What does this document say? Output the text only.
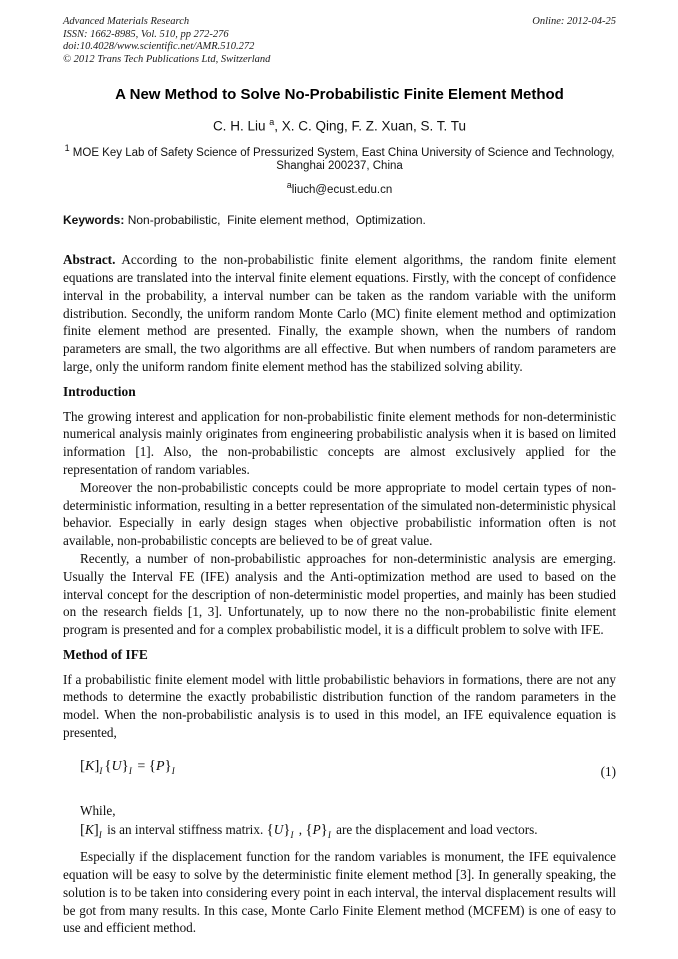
Advanced Materials Research
ISSN: 1662-8985, Vol. 510, pp 272-276
doi:10.4028/www.scientific.net/AMR.510.272
© 2012 Trans Tech Publications Ltd, Switzerland
Online: 2012-04-25
A New Method to Solve No-Probabilistic Finite Element Method
C. H. Liu $^a$, X. C. Qing, F. Z. Xuan, S. T. Tu
$^1$ MOE Key Lab of Safety Science of Pressurized System, East China University of Science and Technology, Shanghai 200237, China
$^a$liuch@ecust.edu.cn
Keywords: Non-probabilistic,  Finite element method,  Optimization.

Abstract. According to the non-probabilistic finite element algorithms, the random finite element equations are translated into the interval finite element equations. Firstly, with the concept of confidence interval in the probability, a interval number can be taken as the random variable with the uniform distribution. Secondly, the uniform random Monte Carlo (MC) finite element method and optimization finite element method are presented. Finally, the example shown, when the numbers of random parameters are small, the two algorithms are all effective. But when numbers of random parameters are large, only the uniform random finite element method has the stabilized solving ability.

Introduction

The growing interest and application for non-probabilistic finite element methods for non-deterministic numerical analysis mainly originates from engineering probabilistic analysis when it is based on limited information [1]. Also, the non-probabilistic concepts are almost exclusively applied for the representation of random variables.

Moreover the non-probabilistic concepts could be more appropriate to model certain types of non-deterministic information, resulting in a better representation of the simulated non-deterministic physical behavior. Especially in early design stages when objective probabilistic information often is not available, non-probabilistic concepts are believed to be of great value.

Recently, a number of non-probabilistic approaches for non-deterministic analysis are emerging. Usually the Interval FE (IFE) analysis and the Anti-optimization method are used to based on the interval concept for the description of non-deterministic model properties, and mainly has been studied on the research fields [1, 3]. Unfortunately, up to now there no the non-probabilistic finite element program is presented and for a complex probabilistic model, it is a difficult problem to solve with IFE.

Method of IFE

If a probabilistic finite element model with little probabilistic behaviors in formations, there are not any methods to determine the exactly probabilistic distribution function of the random parameters in the model. When the non-probabilistic analysis is to used in this model, an IFE equivalence equation is presented,

$[K]_I$ $\{U\}_I = \{P\}_I$	(1)

While,

$[K]_I$ is an interval stiffness matrix. $\{U\}_I$ , $\{P\}_I$ are the displacement and load vectors.

Especially if the displacement function for the random variables is monument, the IFE equivalence equation will be easy to solve by the deterministic finite element method [3]. In generally speaking, the solution is to be taken into considering every point in each interval, the interval displacement results will be got from many results. In this case, Monte Carlo Finite Element method (MCFEM) is one of easy to use and efficient method.
